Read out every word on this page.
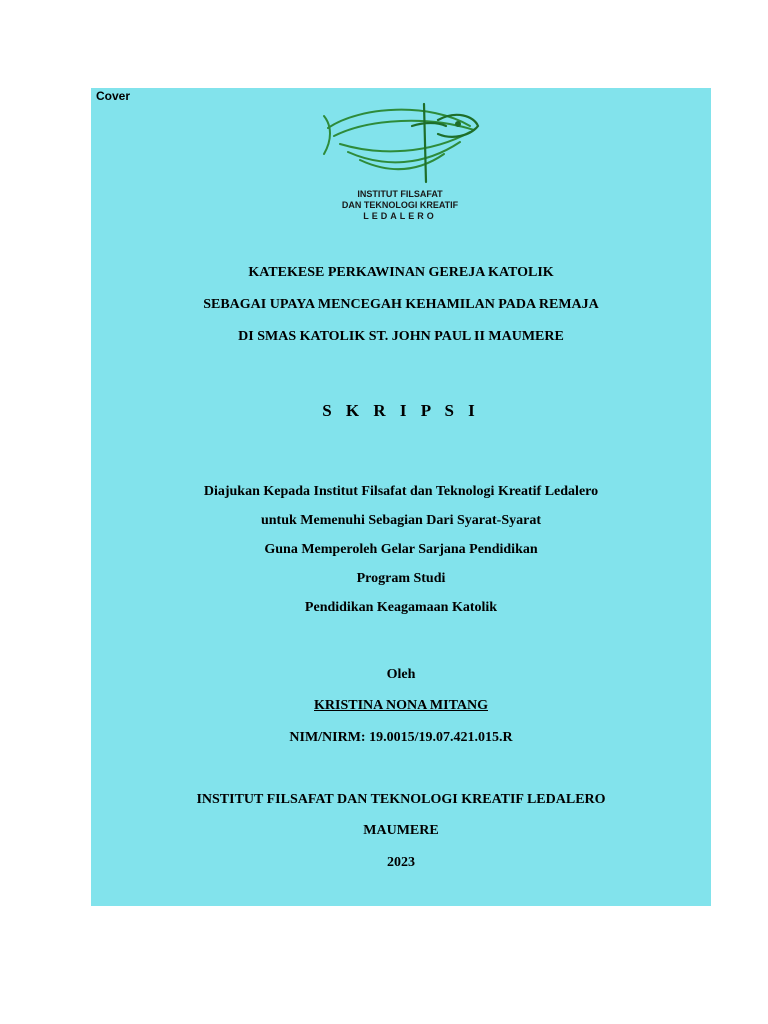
Cover
INSTITUT FILSAFAT
DAN TEKNOLOGI KREATIF
LEDALERO
KATEKESE PERKAWINAN GEREJA KATOLIK
SEBAGAI UPAYA MENCEGAH KEHAMILAN PADA REMAJA
DI SMAS KATOLIK ST. JOHN PAUL II MAUMERE
S K R I P S I
Diajukan Kepada Institut Filsafat dan Teknologi Kreatif Ledalero
untuk Memenuhi Sebagian Dari Syarat-Syarat
Guna Memperoleh Gelar Sarjana Pendidikan
Program Studi
Pendidikan Keagamaan Katolik
Oleh
KRISTINA NONA MITANG
NIM/NIRM: 19.0015/19.07.421.015.R
INSTITUT FILSAFAT DAN TEKNOLOGI KREATIF LEDALERO
MAUMERE
2023
